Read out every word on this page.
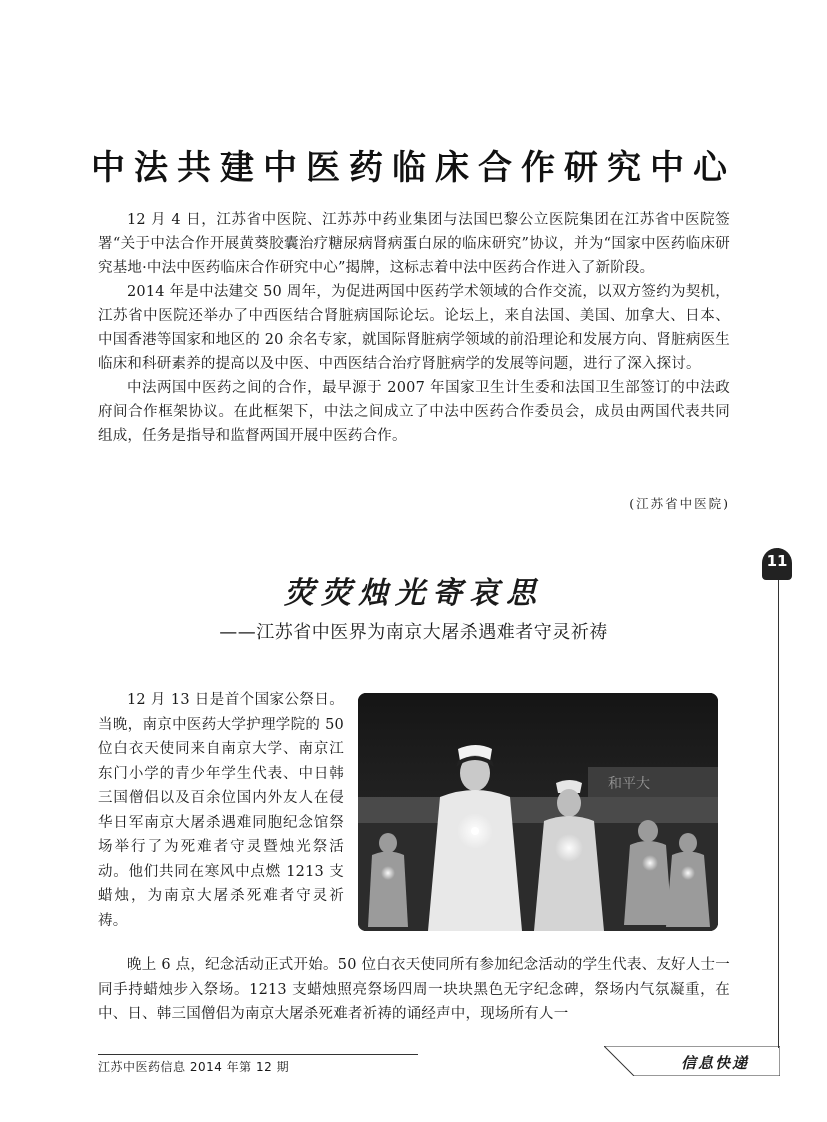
中法共建中医药临床合作研究中心

12 月 4 日，江苏省中医院、江苏苏中药业集团与法国巴黎公立医院集团在江苏省中医院签署“关于中法合作开展黄葵胶囊治疗糖尿病肾病蛋白尿的临床研究”协议，并为“国家中医药临床研究基地·中法中医药临床合作研究中心”揭牌，这标志着中法中医药合作进入了新阶段。

2014 年是中法建交 50 周年，为促进两国中医药学术领域的合作交流，以双方签约为契机，江苏省中医院还举办了中西医结合肾脏病国际论坛。论坛上，来自法国、美国、加拿大、日本、中国香港等国家和地区的 20 余名专家，就国际肾脏病学领域的前沿理论和发展方向、肾脏病医生临床和科研素养的提高以及中医、中西医结合治疗肾脏病学的发展等问题，进行了深入探讨。

中法两国中医药之间的合作，最早源于 2007 年国家卫生计生委和法国卫生部签订的中法政府间合作框架协议。在此框架下，中法之间成立了中法中医药合作委员会，成员由两国代表共同组成，任务是指导和监督两国开展中医药合作。

(江苏省中医院)
11
荧荧烛光寄哀思
——江苏省中医界为南京大屠杀遇难者守灵祈祷

12 月 13 日是首个国家公祭日。当晚，南京中医药大学护理学院的 50 位白衣天使同来自南京大学、南京江东门小学的青少年学生代表、中日韩三国僧侣以及百余位国内外友人在侵华日军南京大屠杀遇难同胞纪念馆祭场举行了为死难者守灵暨烛光祭活动。他们共同在寒风中点燃 1213 支蜡烛，为南京大屠杀死难者守灵祈祷。

和平大

晚上 6 点，纪念活动正式开始。50 位白衣天使同所有参加纪念活动的学生代表、友好人士一同手持蜡烛步入祭场。1213 支蜡烛照亮祭场四周一块块黑色无字纪念碑，祭场内气氛凝重，在中、日、韩三国僧侣为南京大屠杀死难者祈祷的诵经声中，现场所有人一

江苏中医药信息 2014 年第 12 期	信息快递
